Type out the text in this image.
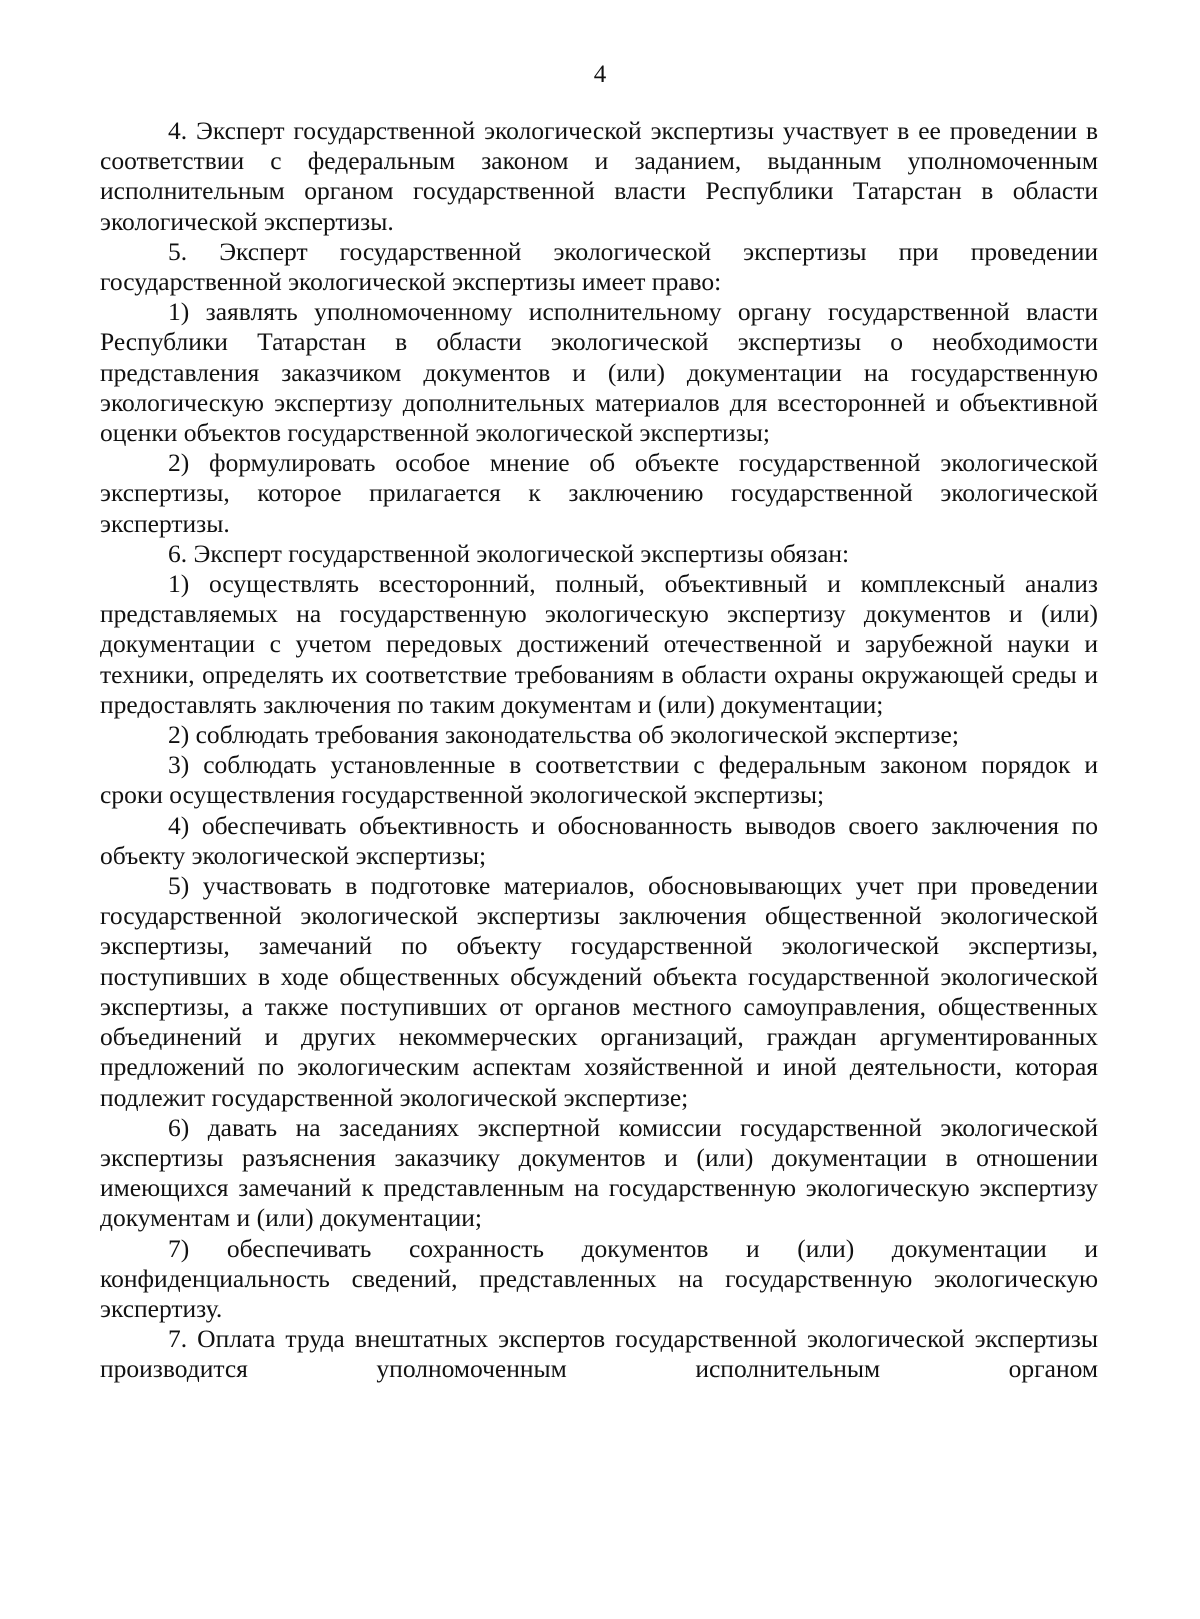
4

4. Эксперт государственной экологической экспертизы участвует в ее проведении в соответствии с федеральным законом и заданием, выданным уполномоченным исполнительным органом государственной власти Республики Татарстан в области экологической экспертизы.

5. Эксперт государственной экологической экспертизы при проведении государственной экологической экспертизы имеет право:

1) заявлять уполномоченному исполнительному органу государственной власти Республики Татарстан в области экологической экспертизы о необходимости представления заказчиком документов и (или) документации на государственную экологическую экспертизу дополнительных материалов для всесторонней и объективной оценки объектов государственной экологической экспертизы;

2) формулировать особое мнение об объекте государственной экологической экспертизы, которое прилагается к заключению государственной экологической экспертизы.

6. Эксперт государственной экологической экспертизы обязан:

1) осуществлять всесторонний, полный, объективный и комплексный анализ представляемых на государственную экологическую экспертизу документов и (или) документации с учетом передовых достижений отечественной и зарубежной науки и техники, определять их соответствие требованиям в области охраны окружающей среды и предоставлять заключения по таким документам и (или) документации;

2) соблюдать требования законодательства об экологической экспертизе;

3) соблюдать установленные в соответствии с федеральным законом порядок и сроки осуществления государственной экологической экспертизы;

4) обеспечивать объективность и обоснованность выводов своего заключения по объекту экологической экспертизы;

5) участвовать в подготовке материалов, обосновывающих учет при проведении государственной экологической экспертизы заключения общественной экологической экспертизы, замечаний по объекту государственной экологической экспертизы, поступивших в ходе общественных обсуждений объекта государственной экологической экспертизы, а также поступивших от органов местного самоуправления, общественных объединений и других некоммерческих организаций, граждан аргументированных предложений по экологическим аспектам хозяйственной и иной деятельности, которая подлежит государственной экологической экспертизе;

6) давать на заседаниях экспертной комиссии государственной экологической экспертизы разъяснения заказчику документов и (или) документации в отношении имеющихся замечаний к представленным на государственную экологическую экспертизу документам и (или) документации;

7) обеспечивать сохранность документов и (или) документации и конфиденциальность сведений, представленных на государственную экологическую экспертизу.

7. Оплата труда внештатных экспертов государственной экологической экспертизы производится уполномоченным исполнительным органом
